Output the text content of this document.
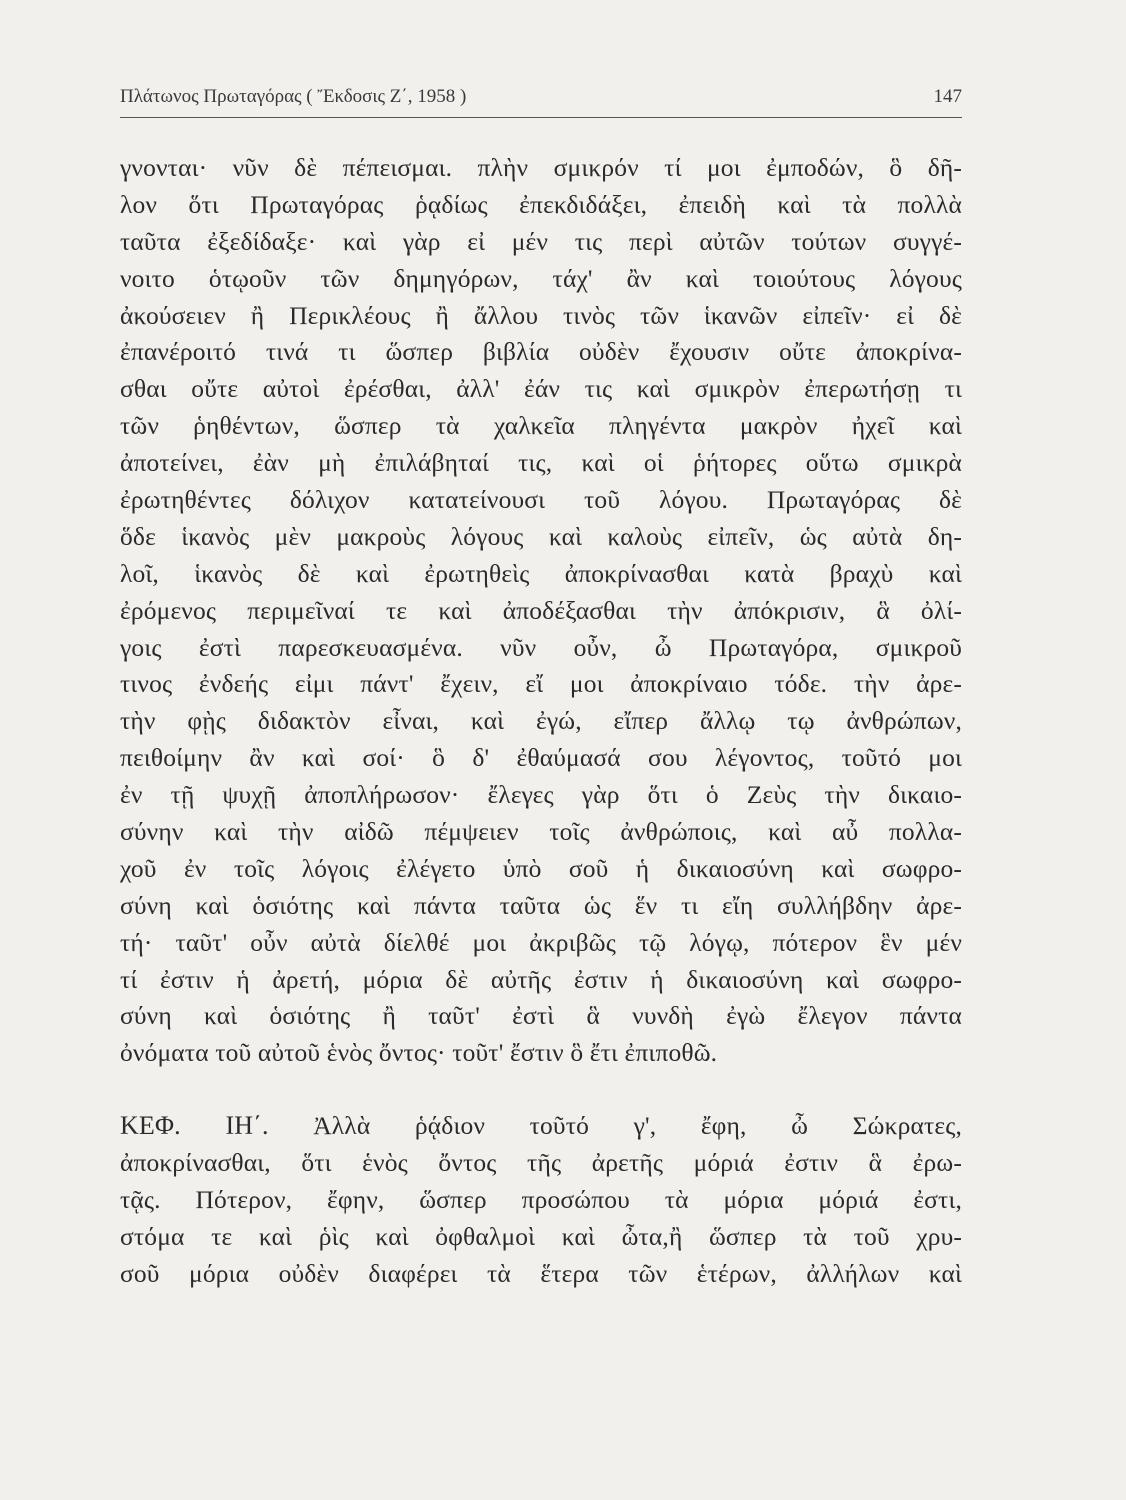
Πλάτωνος Πρωταγόρας ( Ἔκδοσις Ζ΄, 1958 )	147
γνονται· νῦν δὲ πέπεισμαι. πλὴν σμικρόν τί μοι ἐμποδών, ὃ δῆ-
λον ὅτι Πρωταγόρας ῥᾳδίως ἐπεκδιδάξει, ἐπειδὴ καὶ τὰ πολλὰ
ταῦτα ἐξεδίδαξε· καὶ γὰρ εἰ μέν τις περὶ αὐτῶν τούτων συγγέ-
νοιτο ὁτῳοῦν τῶν δημηγόρων, τάχ' ἂν καὶ τοιούτους λόγους
ἀκούσειεν ἢ Περικλέους ἢ ἄλλου τινὸς τῶν ἱκανῶν εἰπεῖν· εἰ δὲ
ἐπανέροιτό τινά τι ὥσπερ βιβλία οὐδὲν ἔχουσιν οὔτε ἀποκρίνα-
σθαι οὔτε αὐτοὶ ἐρέσθαι, ἀλλ' ἐάν τις καὶ σμικρὸν ἐπερωτήσῃ τι
τῶν ῥηθέντων, ὥσπερ τὰ χαλκεῖα πληγέντα μακρὸν ἠχεῖ καὶ
ἀποτείνει, ἐὰν μὴ ἐπιλάβηταί τις, καὶ οἱ ῥήτορες οὕτω σμικρὰ
ἐρωτηθέντες δόλιχον κατατείνουσι τοῦ λόγου. Πρωταγόρας δὲ
ὅδε ἱκανὸς μὲν μακροὺς λόγους καὶ καλοὺς εἰπεῖν, ὡς αὐτὰ δη-
λοῖ, ἱκανὸς δὲ καὶ ἐρωτηθεὶς ἀποκρίνασθαι κατὰ βραχὺ καὶ
ἐρόμενος περιμεῖναί τε καὶ ἀποδέξασθαι τὴν ἀπόκρισιν, ἃ ὀλί-
γοις ἐστὶ παρεσκευασμένα. νῦν οὖν, ὦ Πρωταγόρα, σμικροῦ
τινος ἐνδεής εἰμι πάντ' ἔχειν, εἴ μοι ἀποκρίναιο τόδε. τὴν ἀρε-
τὴν φῂς διδακτὸν εἶναι, καὶ ἐγώ, εἴπερ ἄλλῳ τῳ ἀνθρώπων,
πειθοίμην ἂν καὶ σοί· ὃ δ' ἐθαύμασά σου λέγοντος, τοῦτό μοι
ἐν τῇ ψυχῇ ἀποπλήρωσον· ἔλεγες γὰρ ὅτι ὁ Ζεὺς τὴν δικαιο-
σύνην καὶ τὴν αἰδῶ πέμψειεν τοῖς ἀνθρώποις, καὶ αὖ πολλα-
χοῦ ἐν τοῖς λόγοις ἐλέγετο ὑπὸ σοῦ ἡ δικαιοσύνη καὶ σωφρο-
σύνη καὶ ὁσιότης καὶ πάντα ταῦτα ὡς ἕν τι εἴη συλλήβδην ἀρε-
τή· ταῦτ' οὖν αὐτὰ δίελθέ μοι ἀκριβῶς τῷ λόγῳ, πότερον ἓν μέν
τί ἐστιν ἡ ἀρετή, μόρια δὲ αὐτῆς ἐστιν ἡ δικαιοσύνη καὶ σωφρο-
σύνη καὶ ὁσιότης ἢ ταῦτ' ἐστὶ ἃ νυνδὴ ἐγὼ ἔλεγον πάντα
ὀνόματα τοῦ αὐτοῦ ἑνὸς ὄντος· τοῦτ' ἔστιν ὃ ἔτι ἐπιποθῶ.
ΚΕΦ. ΙΗ΄. Ἀλλὰ ῥᾴδιον τοῦτό γ', ἔφη, ὦ Σώκρατες,
ἀποκρίνασθαι, ὅτι ἑνὸς ὄντος τῆς ἀρετῆς μόριά ἐστιν ἃ ἐρω-
τᾷς. Πότερον, ἔφην, ὥσπερ προσώπου τὰ μόρια μόριά ἐστι,
στόμα τε καὶ ῥὶς καὶ ὀφθαλμοὶ καὶ ὦτα,ἢ ὥσπερ τὰ τοῦ χρυ-
σοῦ μόρια οὐδὲν διαφέρει τὰ ἕτερα τῶν ἑτέρων, ἀλλήλων καὶ
